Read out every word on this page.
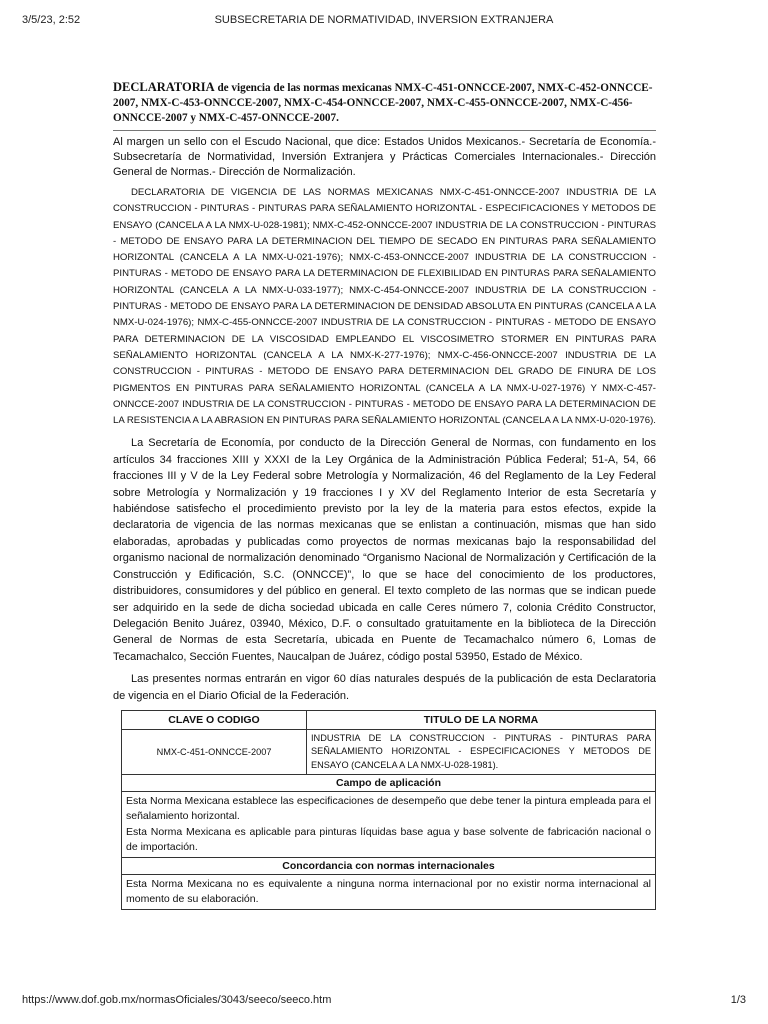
3/5/23, 2:52	SUBSECRETARIA DE NORMATIVIDAD, INVERSION EXTRANJERA
DECLARATORIA de vigencia de las normas mexicanas NMX-C-451-ONNCCE-2007, NMX-C-452-ONNCCE-2007, NMX-C-453-ONNCCE-2007, NMX-C-454-ONNCCE-2007, NMX-C-455-ONNCCE-2007, NMX-C-456-ONNCCE-2007 y NMX-C-457-ONNCCE-2007.

Al margen un sello con el Escudo Nacional, que dice: Estados Unidos Mexicanos.- Secretaría de Economía.- Subsecretaría de Normatividad, Inversión Extranjera y Prácticas Comerciales Internacionales.- Dirección General de Normas.- Dirección de Normalización.

DECLARATORIA DE VIGENCIA DE LAS NORMAS MEXICANAS NMX-C-451-ONNCCE-2007 INDUSTRIA DE LA CONSTRUCCION - PINTURAS - PINTURAS PARA SEÑALAMIENTO HORIZONTAL - ESPECIFICACIONES Y METODOS DE ENSAYO (CANCELA A LA NMX-U-028-1981); NMX-C-452-ONNCCE-2007 INDUSTRIA DE LA CONSTRUCCION - PINTURAS - METODO DE ENSAYO PARA LA DETERMINACION DEL TIEMPO DE SECADO EN PINTURAS PARA SEÑALAMIENTO HORIZONTAL (CANCELA A LA NMX-U-021-1976); NMX-C-453-ONNCCE-2007 INDUSTRIA DE LA CONSTRUCCION - PINTURAS - METODO DE ENSAYO PARA LA DETERMINACION DE FLEXIBILIDAD EN PINTURAS PARA SEÑALAMIENTO HORIZONTAL (CANCELA A LA NMX-U-033-1977); NMX-C-454-ONNCCE-2007 INDUSTRIA DE LA CONSTRUCCION - PINTURAS - METODO DE ENSAYO PARA LA DETERMINACION DE DENSIDAD ABSOLUTA EN PINTURAS (CANCELA A LA NMX-U-024-1976); NMX-C-455-ONNCCE-2007 INDUSTRIA DE LA CONSTRUCCION - PINTURAS - METODO DE ENSAYO PARA DETERMINACION DE LA VISCOSIDAD EMPLEANDO EL VISCOSIMETRO STORMER EN PINTURAS PARA SEÑALAMIENTO HORIZONTAL (CANCELA A LA NMX-K-277-1976); NMX-C-456-ONNCCE-2007 INDUSTRIA DE LA CONSTRUCCION - PINTURAS - METODO DE ENSAYO PARA DETERMINACION DEL GRADO DE FINURA DE LOS PIGMENTOS EN PINTURAS PARA SEÑALAMIENTO HORIZONTAL (CANCELA A LA NMX-U-027-1976) Y NMX-C-457-ONNCCE-2007 INDUSTRIA DE LA CONSTRUCCION - PINTURAS - METODO DE ENSAYO PARA LA DETERMINACION DE LA RESISTENCIA A LA ABRASION EN PINTURAS PARA SEÑALAMIENTO HORIZONTAL (CANCELA A LA NMX-U-020-1976).

La Secretaría de Economía, por conducto de la Dirección General de Normas, con fundamento en los artículos 34 fracciones XIII y XXXI de la Ley Orgánica de la Administración Pública Federal; 51-A, 54, 66 fracciones III y V de la Ley Federal sobre Metrología y Normalización, 46 del Reglamento de la Ley Federal sobre Metrología y Normalización y 19 fracciones I y XV del Reglamento Interior de esta Secretaría y habiéndose satisfecho el procedimiento previsto por la ley de la materia para estos efectos, expide la declaratoria de vigencia de las normas mexicanas que se enlistan a continuación, mismas que han sido elaboradas, aprobadas y publicadas como proyectos de normas mexicanas bajo la responsabilidad del organismo nacional de normalización denominado “Organismo Nacional de Normalización y Certificación de la Construcción y Edificación, S.C. (ONNCCE)”, lo que se hace del conocimiento de los productores, distribuidores, consumidores y del público en general. El texto completo de las normas que se indican puede ser adquirido en la sede de dicha sociedad ubicada en calle Ceres número 7, colonia Crédito Constructor, Delegación Benito Juárez, 03940, México, D.F. o consultado gratuitamente en la biblioteca de la Dirección General de Normas de esta Secretaría, ubicada en Puente de Tecamachalco número 6, Lomas de Tecamachalco, Sección Fuentes, Naucalpan de Juárez, código postal 53950, Estado de México.

Las presentes normas entrarán en vigor 60 días naturales después de la publicación de esta Declaratoria de vigencia en el Diario Oficial de la Federación.

CLAVE O CODIGO	TITULO DE LA NORMA
NMX-C-451-ONNCCE-2007	INDUSTRIA DE LA CONSTRUCCION - PINTURAS - PINTURAS PARA SEÑALAMIENTO HORIZONTAL - ESPECIFICACIONES Y METODOS DE ENSAYO (CANCELA A LA NMX-U-028-1981).
Campo de aplicación	

Esta Norma Mexicana establece las especificaciones de desempeño que debe tener la pintura empleada para el señalamiento horizontal.

Esta Norma Mexicana es aplicable para pinturas líquidas base agua y base solvente de fabricación nacional o de importación.	

Concordancia con normas internacionales	
Esta Norma Mexicana no es equivalente a ninguna norma internacional por no existir norma internacional al momento de su elaboración.	
https://www.dof.gob.mx/normasOficiales/3043/seeco/seeco.htm	1/3
